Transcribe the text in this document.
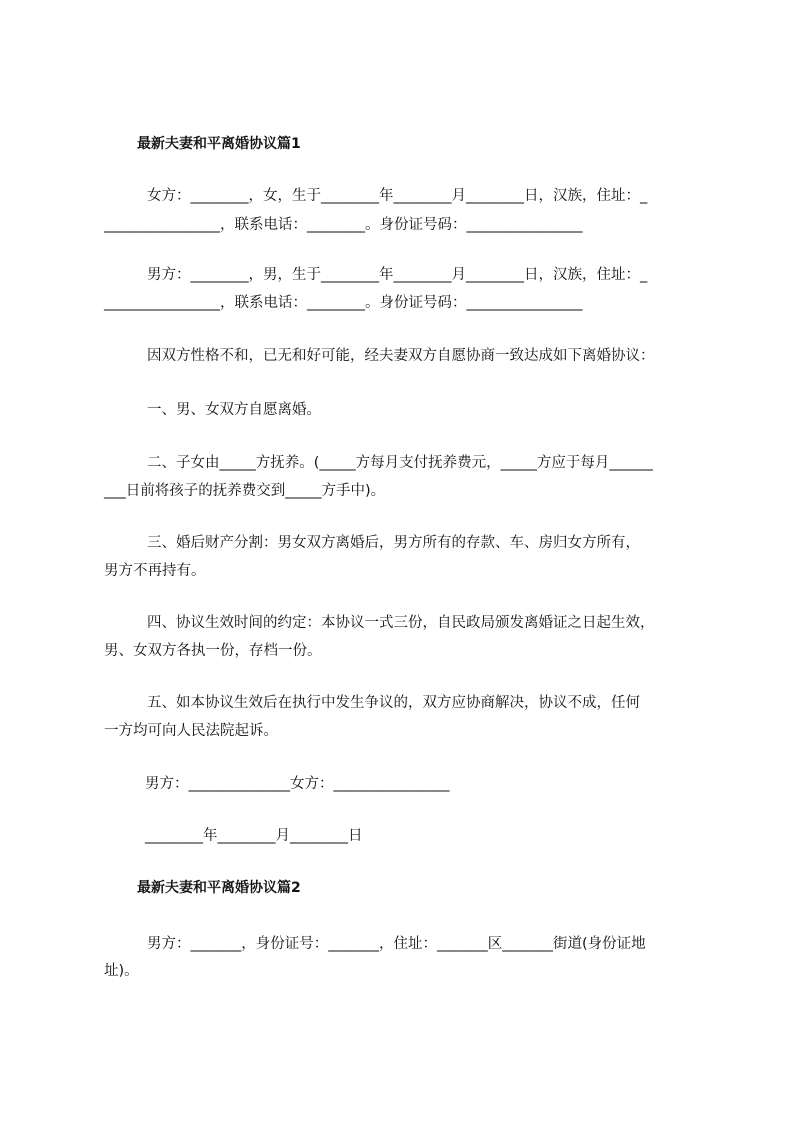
最新夫妻和平离婚协议篇1
女方：________，女，生于________年________月________日，汉族，住址：_
________________，联系电话：________。身份证号码：________________
男方：________，男，生于________年________月________日，汉族，住址：_
________________，联系电话：________。身份证号码：________________
因双方性格不和，已无和好可能，经夫妻双方自愿协商一致达成如下离婚协议：
一、男、女双方自愿离婚。
二、子女由_____方抚养。(_____方每月支付抚养费元，_____方应于每月______
___日前将孩子的抚养费交到_____方手中)。
三、婚后财产分割：男女双方离婚后，男方所有的存款、车、房归女方所有，
男方不再持有。
四、协议生效时间的约定：本协议一式三份，自民政局颁发离婚证之日起生效，
男、女双方各执一份，存档一份。
五、如本协议生效后在执行中发生争议的，双方应协商解决，协议不成，任何
一方均可向人民法院起诉。
男方：______________女方：________________
________年________月________日
最新夫妻和平离婚协议篇2
男方：_______，身份证号：_______，住址：_______区_______街道(身份证地
址)。
